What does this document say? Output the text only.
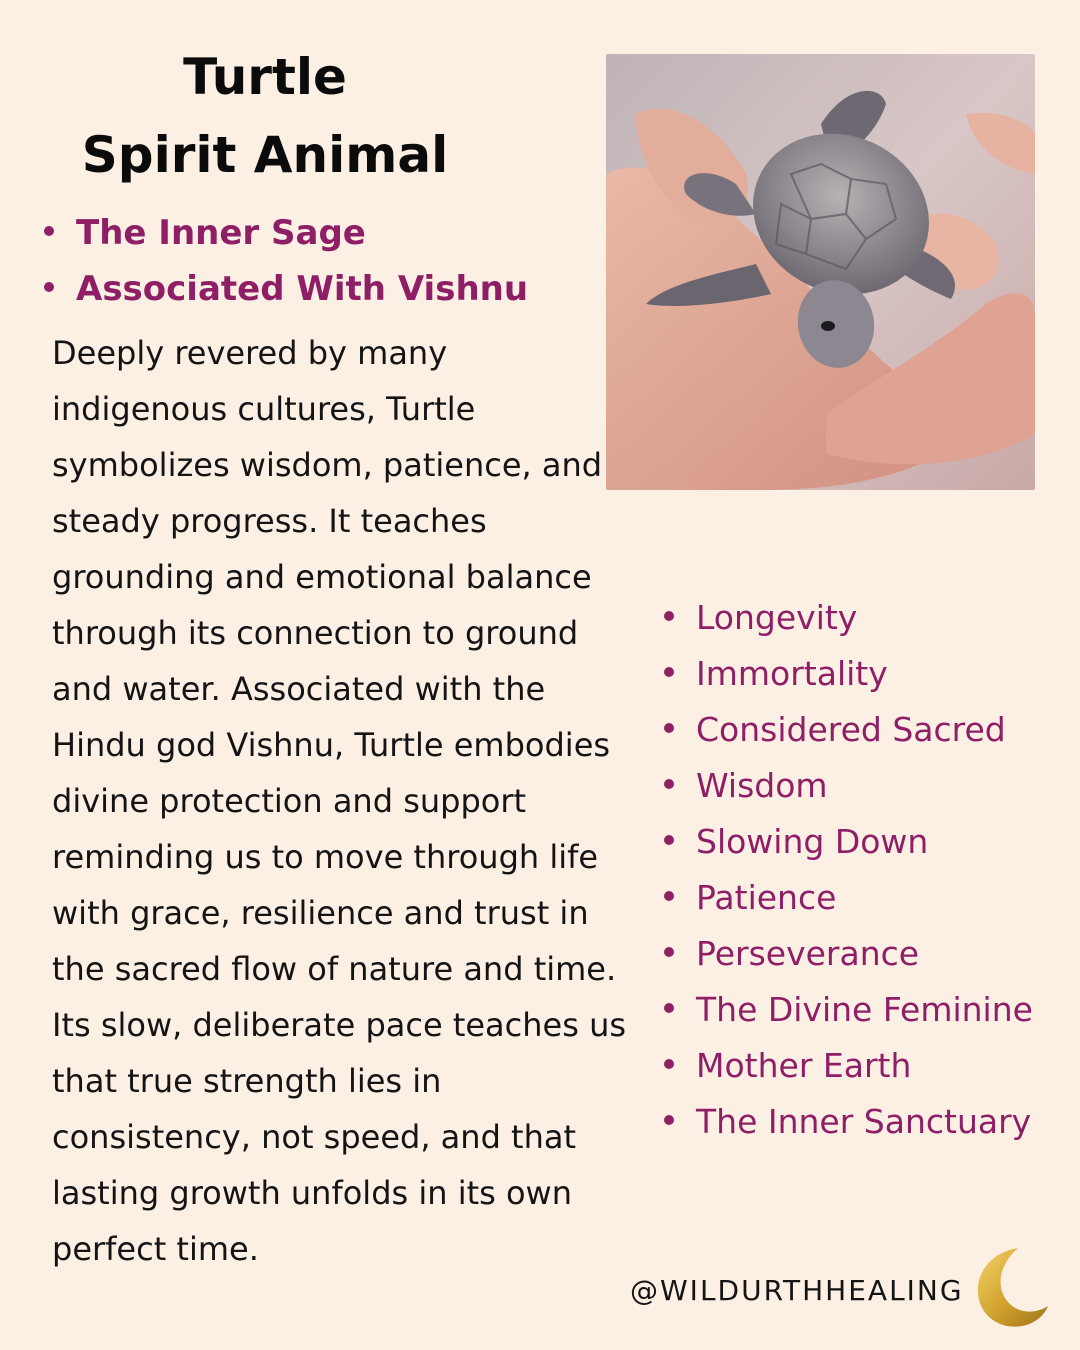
Turtle
Spirit Animal
The Inner Sage
Associated With Vishnu

Deeply revered by many indigenous cultures, Turtle symbolizes wisdom, patience, and steady progress. It teaches grounding and emotional balance through its connection to ground and water. Associated with the Hindu god Vishnu, Turtle embodies divine protection and support reminding us to move through life with grace, resilience and trust in the sacred flow of nature and time. Its slow, deliberate pace teaches us that true strength lies in consistency, not speed, and that lasting growth unfolds in its own perfect time.

Longevity
Immortality
Considered Sacred
Wisdom
Slowing Down
Patience
Perseverance
The Divine Feminine
Mother Earth
The Inner Sanctuary
@WILDURTHHEALING
